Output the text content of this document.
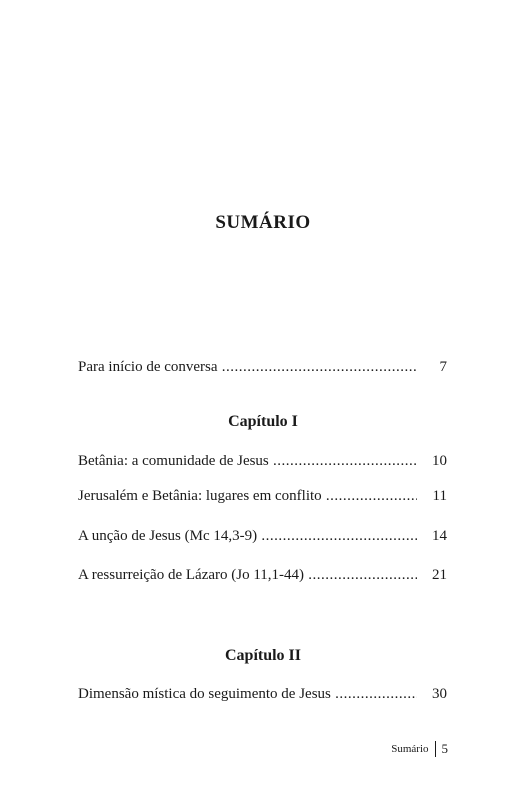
SUMÁRIO
Para início de conversa .....	7
Capítulo I
Betânia: a comunidade de Jesus .....	10
Jerusalém e Betânia: lugares em conflito .....	11
A unção de Jesus (Mc 14,3-9) .....	14
A ressurreição de Lázaro (Jo 11,1-44) .....	21
Capítulo II
Dimensão mística do seguimento de Jesus .....	30
Sumário 5
